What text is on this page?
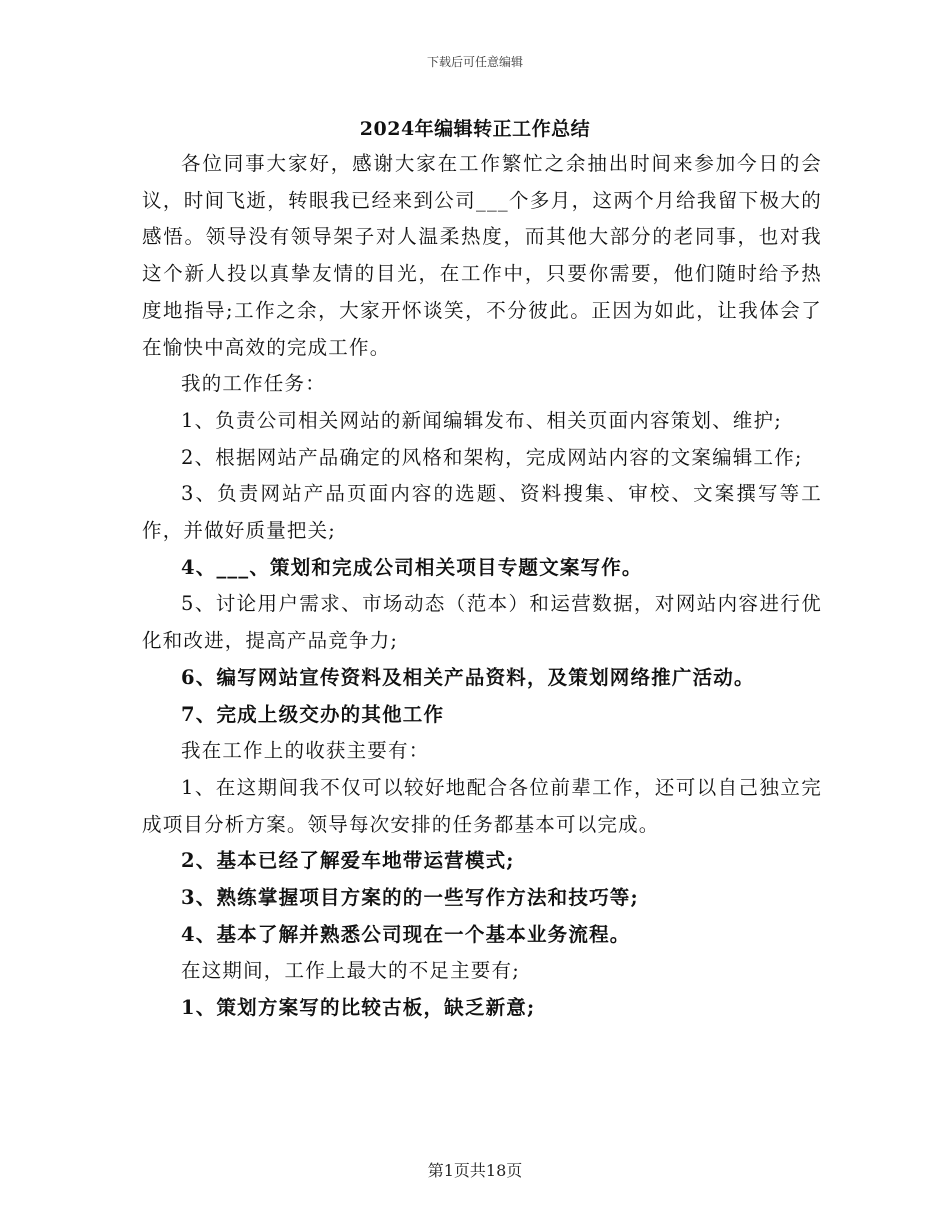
下载后可任意编辑
2024年编辑转正工作总结

各位同事大家好，感谢大家在工作繁忙之余抽出时间来参加今日的会议，时间飞逝，转眼我已经来到公司___个多月，这两个月给我留下极大的感悟。领导没有领导架子对人温柔热度，而其他大部分的老同事，也对我这个新人投以真挚友情的目光，在工作中，只要你需要，他们随时给予热度地指导;工作之余，大家开怀谈笑，不分彼此。正因为如此，让我体会了在愉快中高效的完成工作。

我的工作任务：

1、负责公司相关网站的新闻编辑发布、相关页面内容策划、维护;

2、根据网站产品确定的风格和架构，完成网站内容的文案编辑工作;

3、负责网站产品页面内容的选题、资料搜集、审校、文案撰写等工作，并做好质量把关;

4、___、策划和完成公司相关项目专题文案写作。

5、讨论用户需求、市场动态（范本）和运营数据，对网站内容进行优化和改进，提高产品竞争力;

6、编写网站宣传资料及相关产品资料，及策划网络推广活动。

7、完成上级交办的其他工作

我在工作上的收获主要有：

1、在这期间我不仅可以较好地配合各位前辈工作，还可以自己独立完成项目分析方案。领导每次安排的任务都基本可以完成。

2、基本已经了解爱车地带运营模式;

3、熟练掌握项目方案的的一些写作方法和技巧等;

4、基本了解并熟悉公司现在一个基本业务流程。

在这期间，工作上最大的不足主要有;

1、策划方案写的比较古板，缺乏新意;

第1页共18页
